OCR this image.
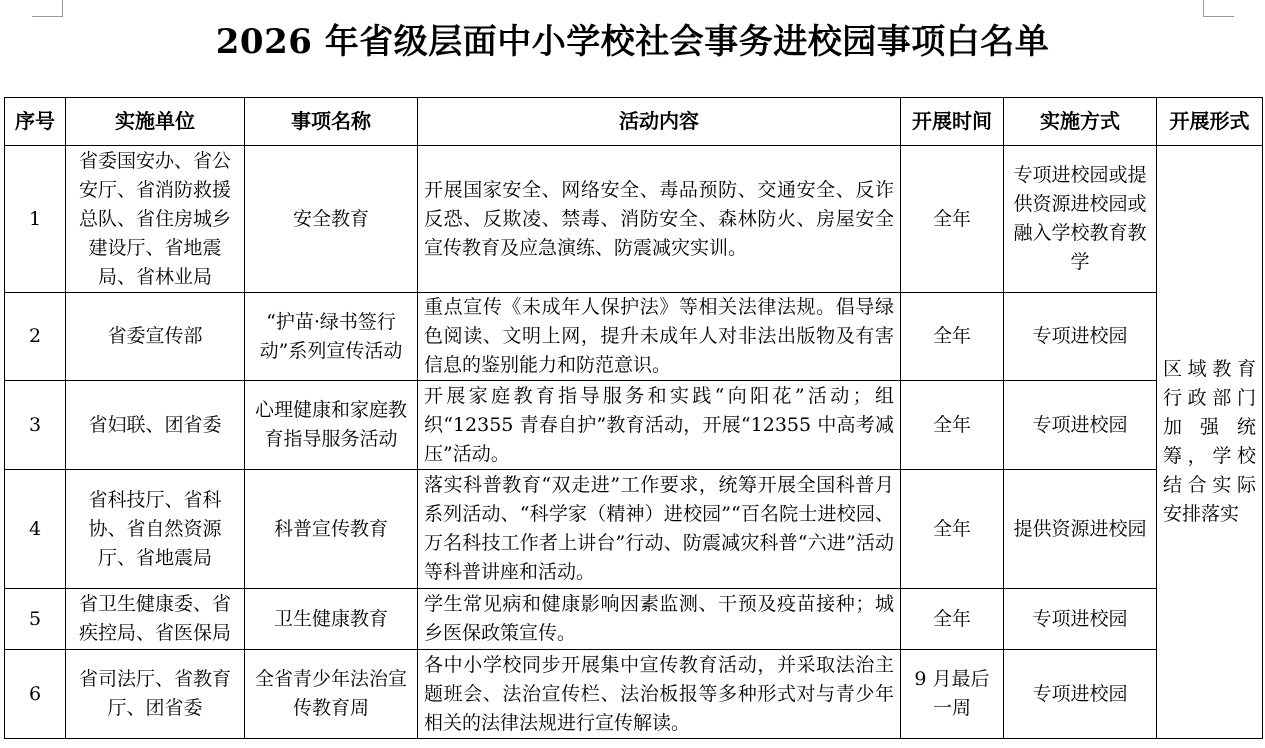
2026 年省级层面中小学校社会事务进校园事项白名单
序号	实施单位	事项名称	活动内容	开展时间	实施方式	开展形式
1	省委国安办、省公安厅、省消防救援总队、省住房城乡建设厅、省地震局、省林业局	安全教育	开展国家安全、网络安全、毒品预防、交通安全、反诈反恐、反欺凌、禁毒、消防安全、森林防火、房屋安全宣传教育及应急演练、防震减灾实训。	全年	专项进校园或提供资源进校园或融入学校教育教学	区域教育行政部门加强统筹，学校结合实际安排落实
2	省委宣传部	“护苗·绿书签行动”系列宣传活动	重点宣传《未成年人保护法》等相关法律法规。倡导绿色阅读、文明上网，提升未成年人对非法出版物及有害信息的鉴别能力和防范意识。	全年	专项进校园	
3	省妇联、团省委	心理健康和家庭教育指导服务活动	开展家庭教育指导服务和实践“向阳花”活动；组织“12355 青春自护”教育活动，开展“12355 中高考减压”活动。	全年	专项进校园	
4	省科技厅、省科协、省自然资源厅、省地震局	科普宣传教育	落实科普教育“双走进”工作要求，统筹开展全国科普月系列活动、“科学家（精神）进校园”“百名院士进校园、万名科技工作者上讲台”行动、防震减灾科普“六进”活动等科普讲座和活动。	全年	提供资源进校园	
5	省卫生健康委、省疾控局、省医保局	卫生健康教育	学生常见病和健康影响因素监测、干预及疫苗接种；城乡医保政策宣传。	全年	专项进校园	
6	省司法厅、省教育厅、团省委	全省青少年法治宣传教育周	各中小学校同步开展集中宣传教育活动，并采取法治主题班会、法治宣传栏、法治板报等多种形式对与青少年相关的法律法规进行宣传解读。	9 月最后一周	专项进校园	
